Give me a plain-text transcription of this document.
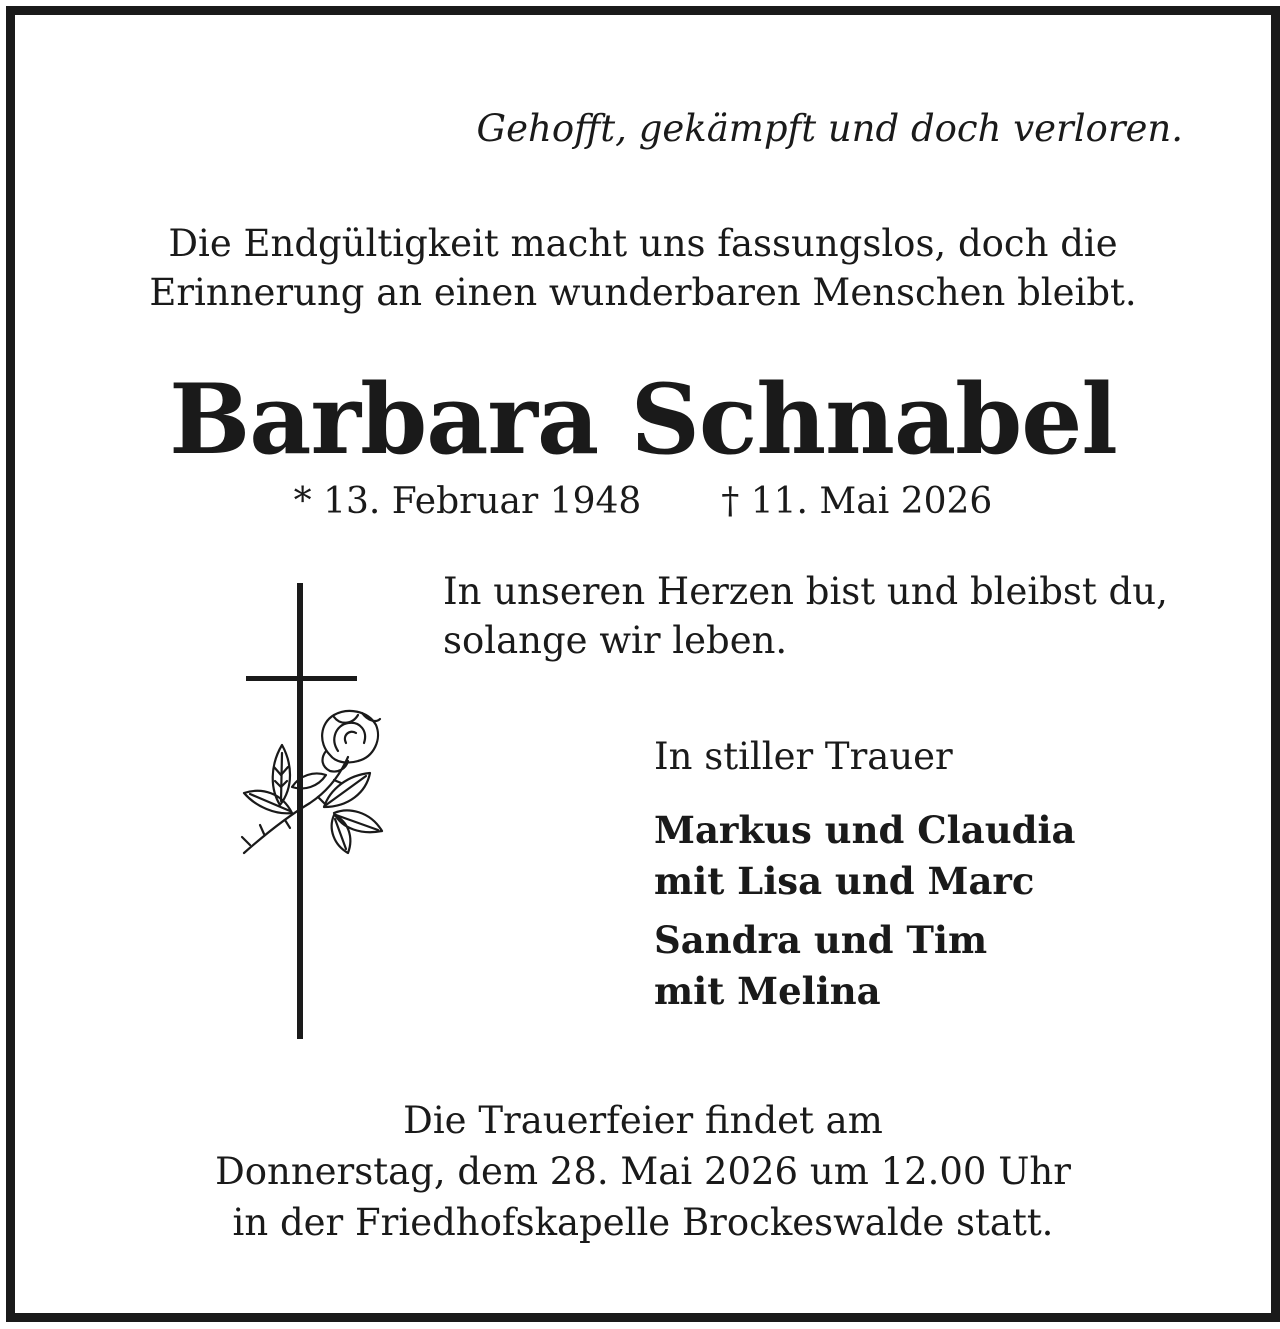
Gehofft, gekämpft und doch verloren.
Die Endgültigkeit macht uns fassungslos, doch die
Erinnerung an einen wunderbaren Menschen bleibt.
Barbara Schnabel
* 13. Februar 1948 † 11. Mai 2026
In unseren Herzen bist und bleibst du,
solange wir leben.
In stiller Trauer
Markus und Claudia
mit Lisa und Marc
Sandra und Tim
mit Melina
Die Trauerfeier findet am
Donnerstag, dem 28. Mai 2026 um 12.00 Uhr
in der Friedhofskapelle Brockeswalde statt.
